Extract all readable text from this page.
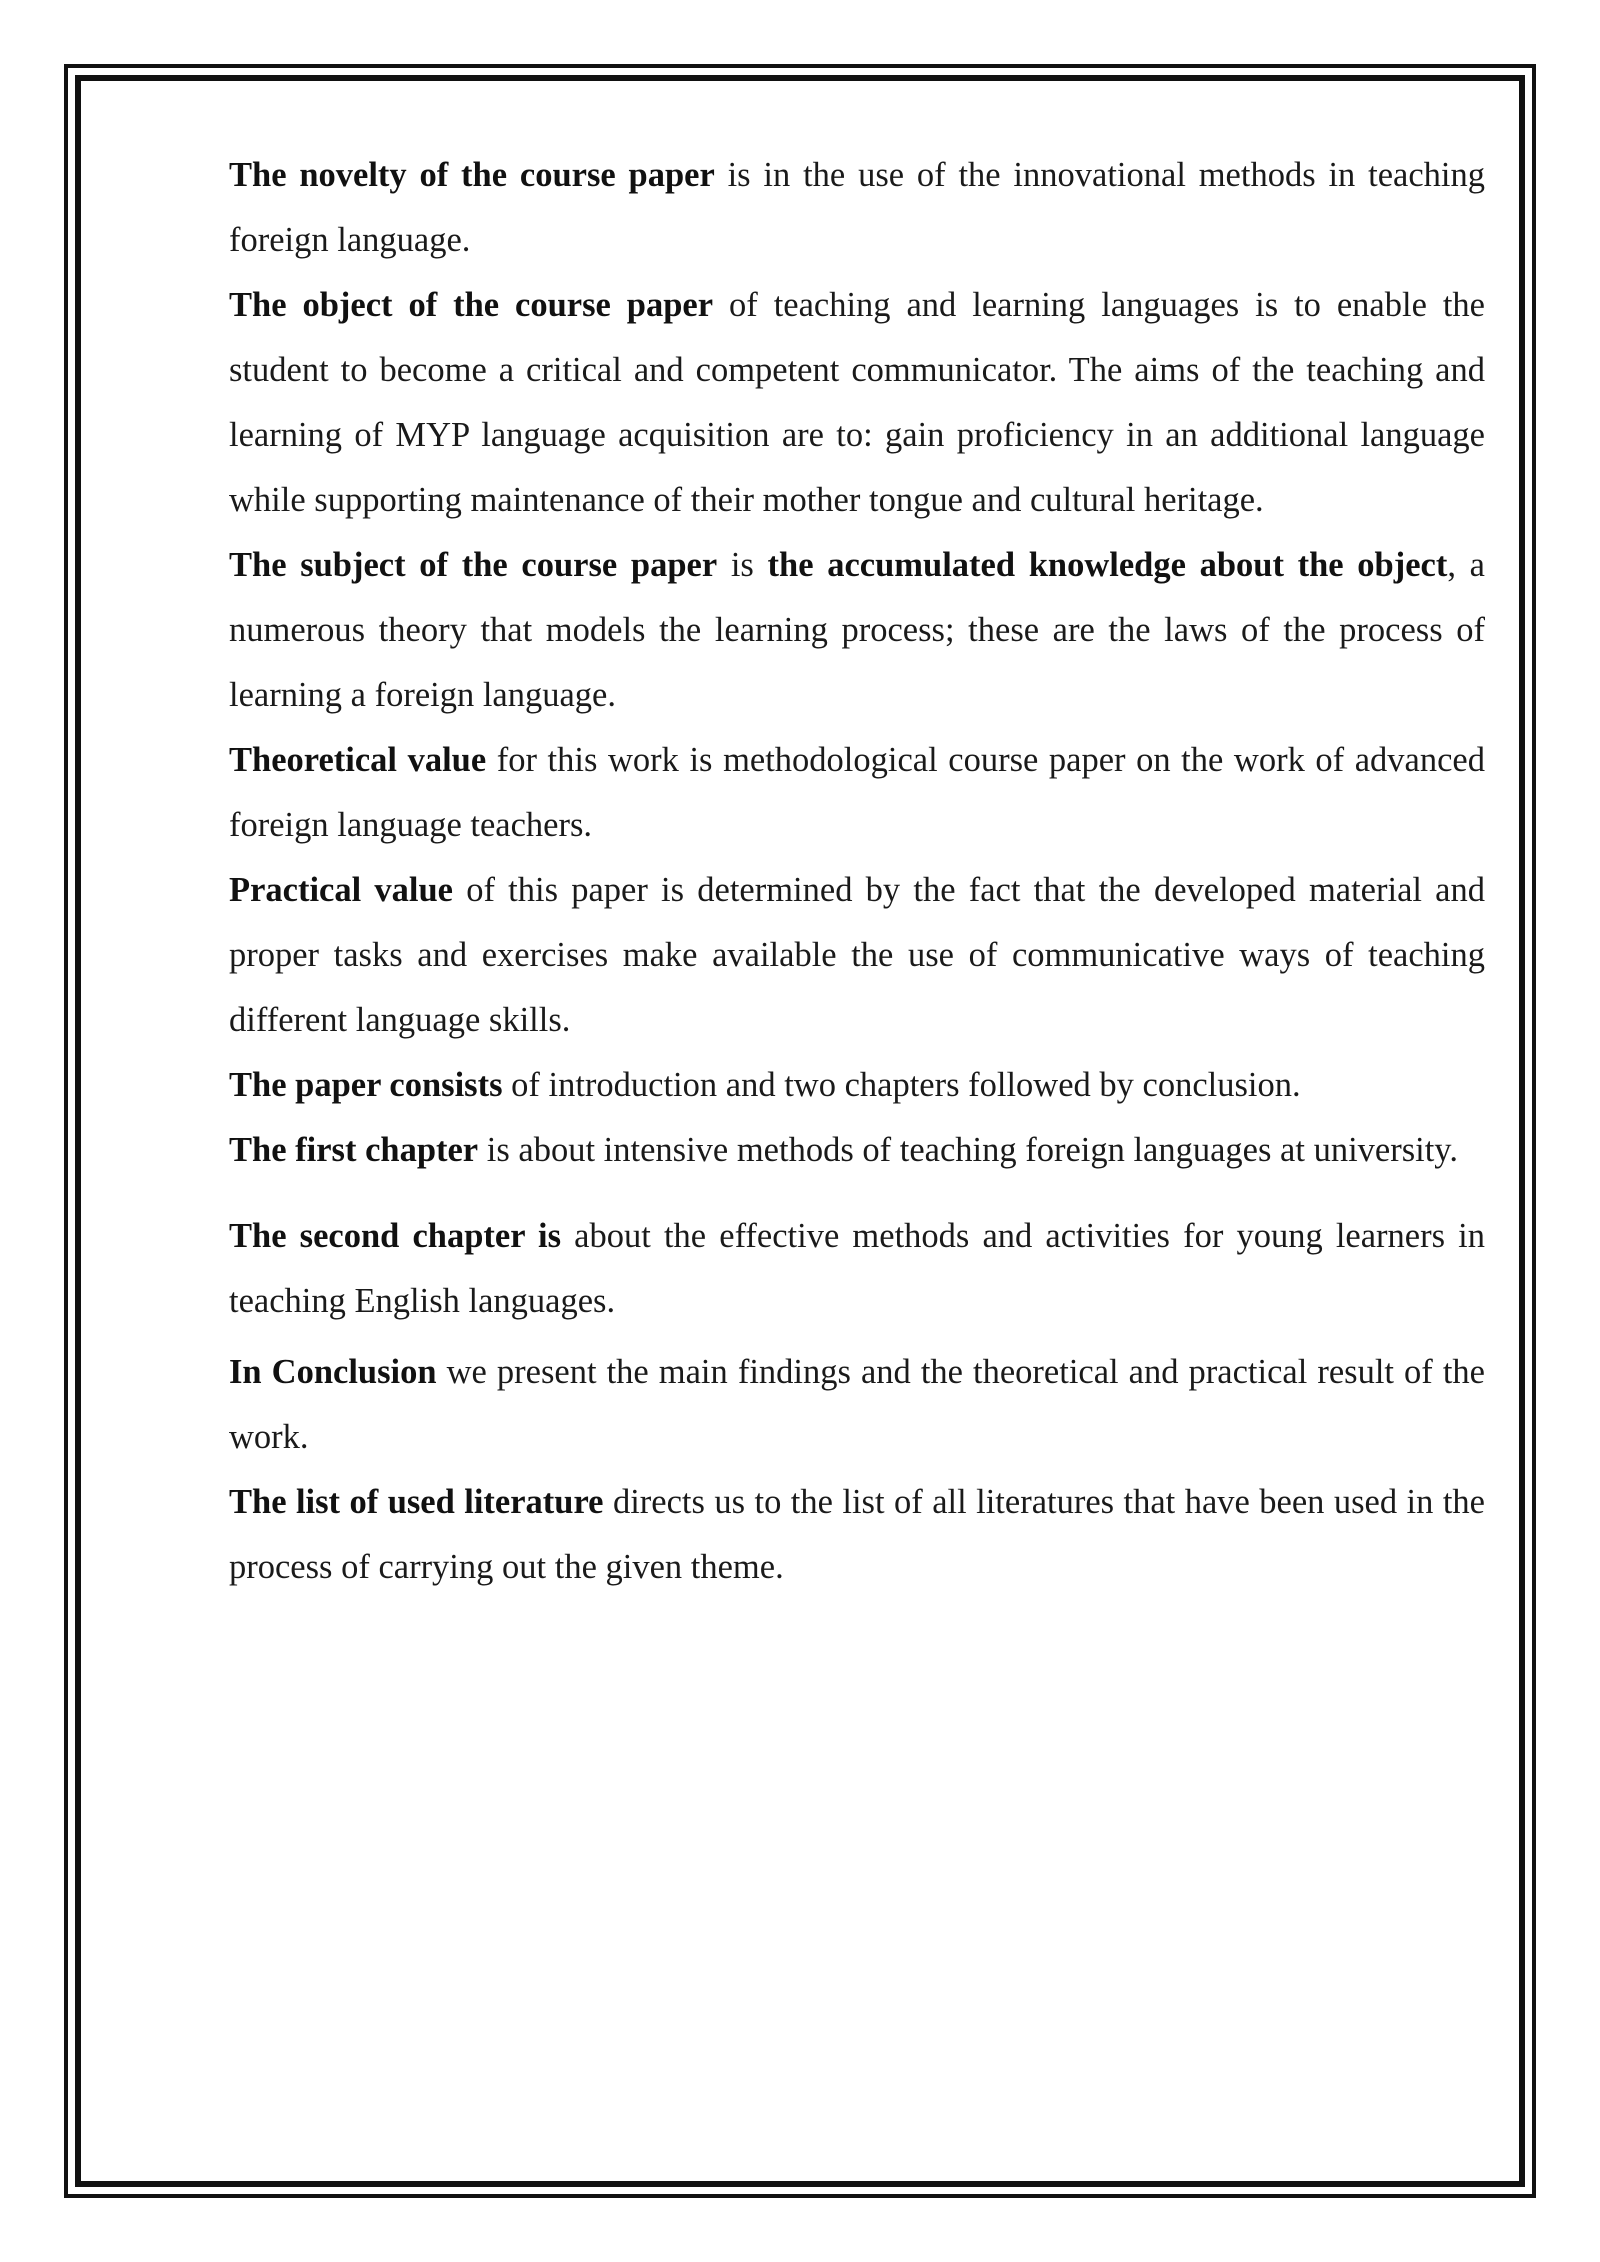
The novelty of the course paper is in the use of the innovational methods in teaching foreign language.

The object of the course paper of teaching and learning languages is to enable the student to become a critical and competent communicator. The aims of the teaching and learning of MYP language acquisition are to: gain proficiency in an additional language while supporting maintenance of their mother tongue and cultural heritage.

The subject of the course paper is the accumulated knowledge about the object, a numerous theory that models the learning process; these are the laws of the process of learning a foreign language.

Theoretical value for this work is methodological course paper on the work of advanced foreign language teachers.

Practical value of this paper is determined by the fact that the developed material and proper tasks and exercises make available the use of communicative ways of teaching different language skills.

The paper consists of introduction and two chapters followed by conclusion.

The first chapter is about intensive methods of teaching foreign languages at university.

The second chapter is about the effective methods and activities for young learners in teaching English languages.

In Conclusion we present the main findings and the theoretical and practical result of the work.

The list of used literature directs us to the list of all literatures that have been used in the process of carrying out the given theme.
